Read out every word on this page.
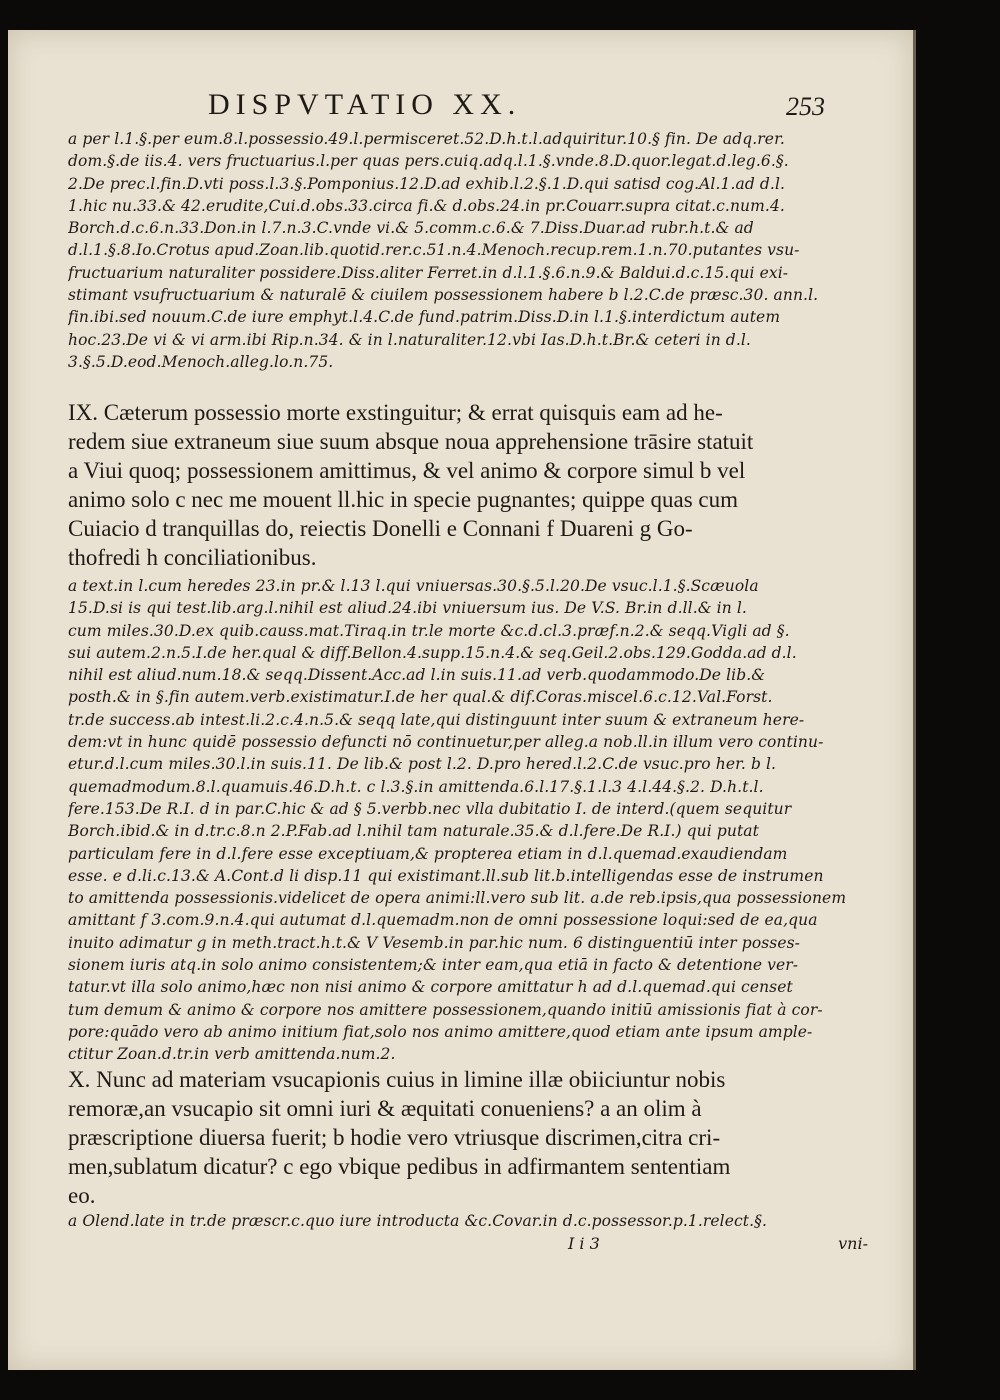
DISPVTATIO XX.	253
a per l.1.§.per eum.8.l.possessio.49.l.permisceret.52.D.h.t.l.adquiritur.10.§ fin. De adq.rer.
dom.§.de iis.4. vers fructuarius.l.per quas pers.cuiq.adq.l.1.§.vnde.8.D.quor.legat.d.leg.6.§.
2.De prec.l.fin.D.vti poss.l.3.§.Pomponius.12.D.ad exhib.l.2.§.1.D.qui satisd cog.Al.1.ad d.l.
1.hic nu.33.& 42.erudite,Cui.d.obs.33.circa fi.& d.obs.24.in pr.Couarr.supra citat.c.num.4.
Borch.d.c.6.n.33.Don.in l.7.n.3.C.vnde vi.& 5.comm.c.6.& 7.Diss.Duar.ad rubr.h.t.& ad
d.l.1.§.8.Io.Crotus apud.Zoan.lib.quotid.rer.c.51.n.4.Menoch.recup.rem.1.n.70.putantes vsu-
fructuarium naturaliter possidere.Diss.aliter Ferret.in d.l.1.§.6.n.9.& Baldui.d.c.15.qui exi-
stimant vsufructuarium & naturalē & ciuilem possessionem habere b l.2.C.de præsc.30. ann.l.
fin.ibi.sed nouum.C.de iure emphyt.l.4.C.de fund.patrim.Diss.D.in l.1.§.interdictum autem
hoc.23.De vi & vi arm.ibi Rip.n.34. & in l.naturaliter.12.vbi Ias.D.h.t.Br.& ceteri in d.l.
3.§.5.D.eod.Menoch.alleg.lo.n.75.
IX. Cæterum possessio morte exstinguitur; & errat quisquis eam ad he-
redem siue extraneum siue suum absque noua apprehensione trāsire statuit
a Viui quoq; possessionem amittimus, & vel animo & corpore simul b vel
animo solo c nec me mouent ll.hic in specie pugnantes; quippe quas cum
Cuiacio d tranquillas do, reiectis Donelli e Connani f Duareni g Go-
thofredi h conciliationibus.
a text.in l.cum heredes 23.in pr.& l.13 l.qui vniuersas.30.§.5.l.20.De vsuc.l.1.§.Scæuola
15.D.si is qui test.lib.arg.l.nihil est aliud.24.ibi vniuersum ius. De V.S. Br.in d.ll.& in l.
cum miles.30.D.ex quib.causs.mat.Tiraq.in tr.le morte &c.d.cl.3.præf.n.2.& seqq.Vigli ad §.
sui autem.2.n.5.I.de her.qual & diff.Bellon.4.supp.15.n.4.& seq.Geil.2.obs.129.Godda.ad d.l.
nihil est aliud.num.18.& seqq.Dissent.Acc.ad l.in suis.11.ad verb.quodammodo.De lib.&
posth.& in §.fin autem.verb.existimatur.I.de her qual.& dif.Coras.miscel.6.c.12.Val.Forst.
tr.de success.ab intest.li.2.c.4.n.5.& seqq late,qui distinguunt inter suum & extraneum here-
dem:vt in hunc quidē possessio defuncti nō continuetur,per alleg.a nob.ll.in illum vero continu-
etur.d.l.cum miles.30.l.in suis.11. De lib.& post l.2. D.pro hered.l.2.C.de vsuc.pro her. b l.
quemadmodum.8.l.quamuis.46.D.h.t. c l.3.§.in amittenda.6.l.17.§.1.l.3 4.l.44.§.2. D.h.t.l.
fere.153.De R.I. d in par.C.hic & ad § 5.verbb.nec vlla dubitatio I. de interd.(quem sequitur
Borch.ibid.& in d.tr.c.8.n 2.P.Fab.ad l.nihil tam naturale.35.& d.l.fere.De R.I.) qui putat
particulam fere in d.l.fere esse exceptiuam,& propterea etiam in d.l.quemad.exaudiendam
esse. e d.li.c.13.& A.Cont.d li disp.11 qui existimant.ll.sub lit.b.intelligendas esse de instrumen
to amittenda possessionis.videlicet de opera animi:ll.vero sub lit. a.de reb.ipsis,qua possessionem
amittant f 3.com.9.n.4.qui autumat d.l.quemadm.non de omni possessione loqui:sed de ea,qua
inuito adimatur g in meth.tract.h.t.& V Vesemb.in par.hic num. 6 distinguentiū inter posses-
sionem iuris atq.in solo animo consistentem;& inter eam,qua etiā in facto & detentione ver-
tatur.vt illa solo animo,hæc non nisi animo & corpore amittatur h ad d.l.quemad.qui censet
tum demum & animo & corpore nos amittere possessionem,quando initiū amissionis fiat à cor-
pore:quādo vero ab animo initium fiat,solo nos animo amittere,quod etiam ante ipsum ample-
ctitur Zoan.d.tr.in verb amittenda.num.2.
X. Nunc ad materiam vsucapionis cuius in limine illæ obiiciuntur nobis
remoræ,an vsucapio sit omni iuri & æquitati conueniens? a an olim à
præscriptione diuersa fuerit; b hodie vero vtriusque discrimen,citra cri-
men,sublatum dicatur? c ego vbique pedibus in adfirmantem sententiam
eo.
a Olend.late in tr.de præscr.c.quo iure introducta &c.Covar.in d.c.possessor.p.1.relect.§.
I i 3	vni-
